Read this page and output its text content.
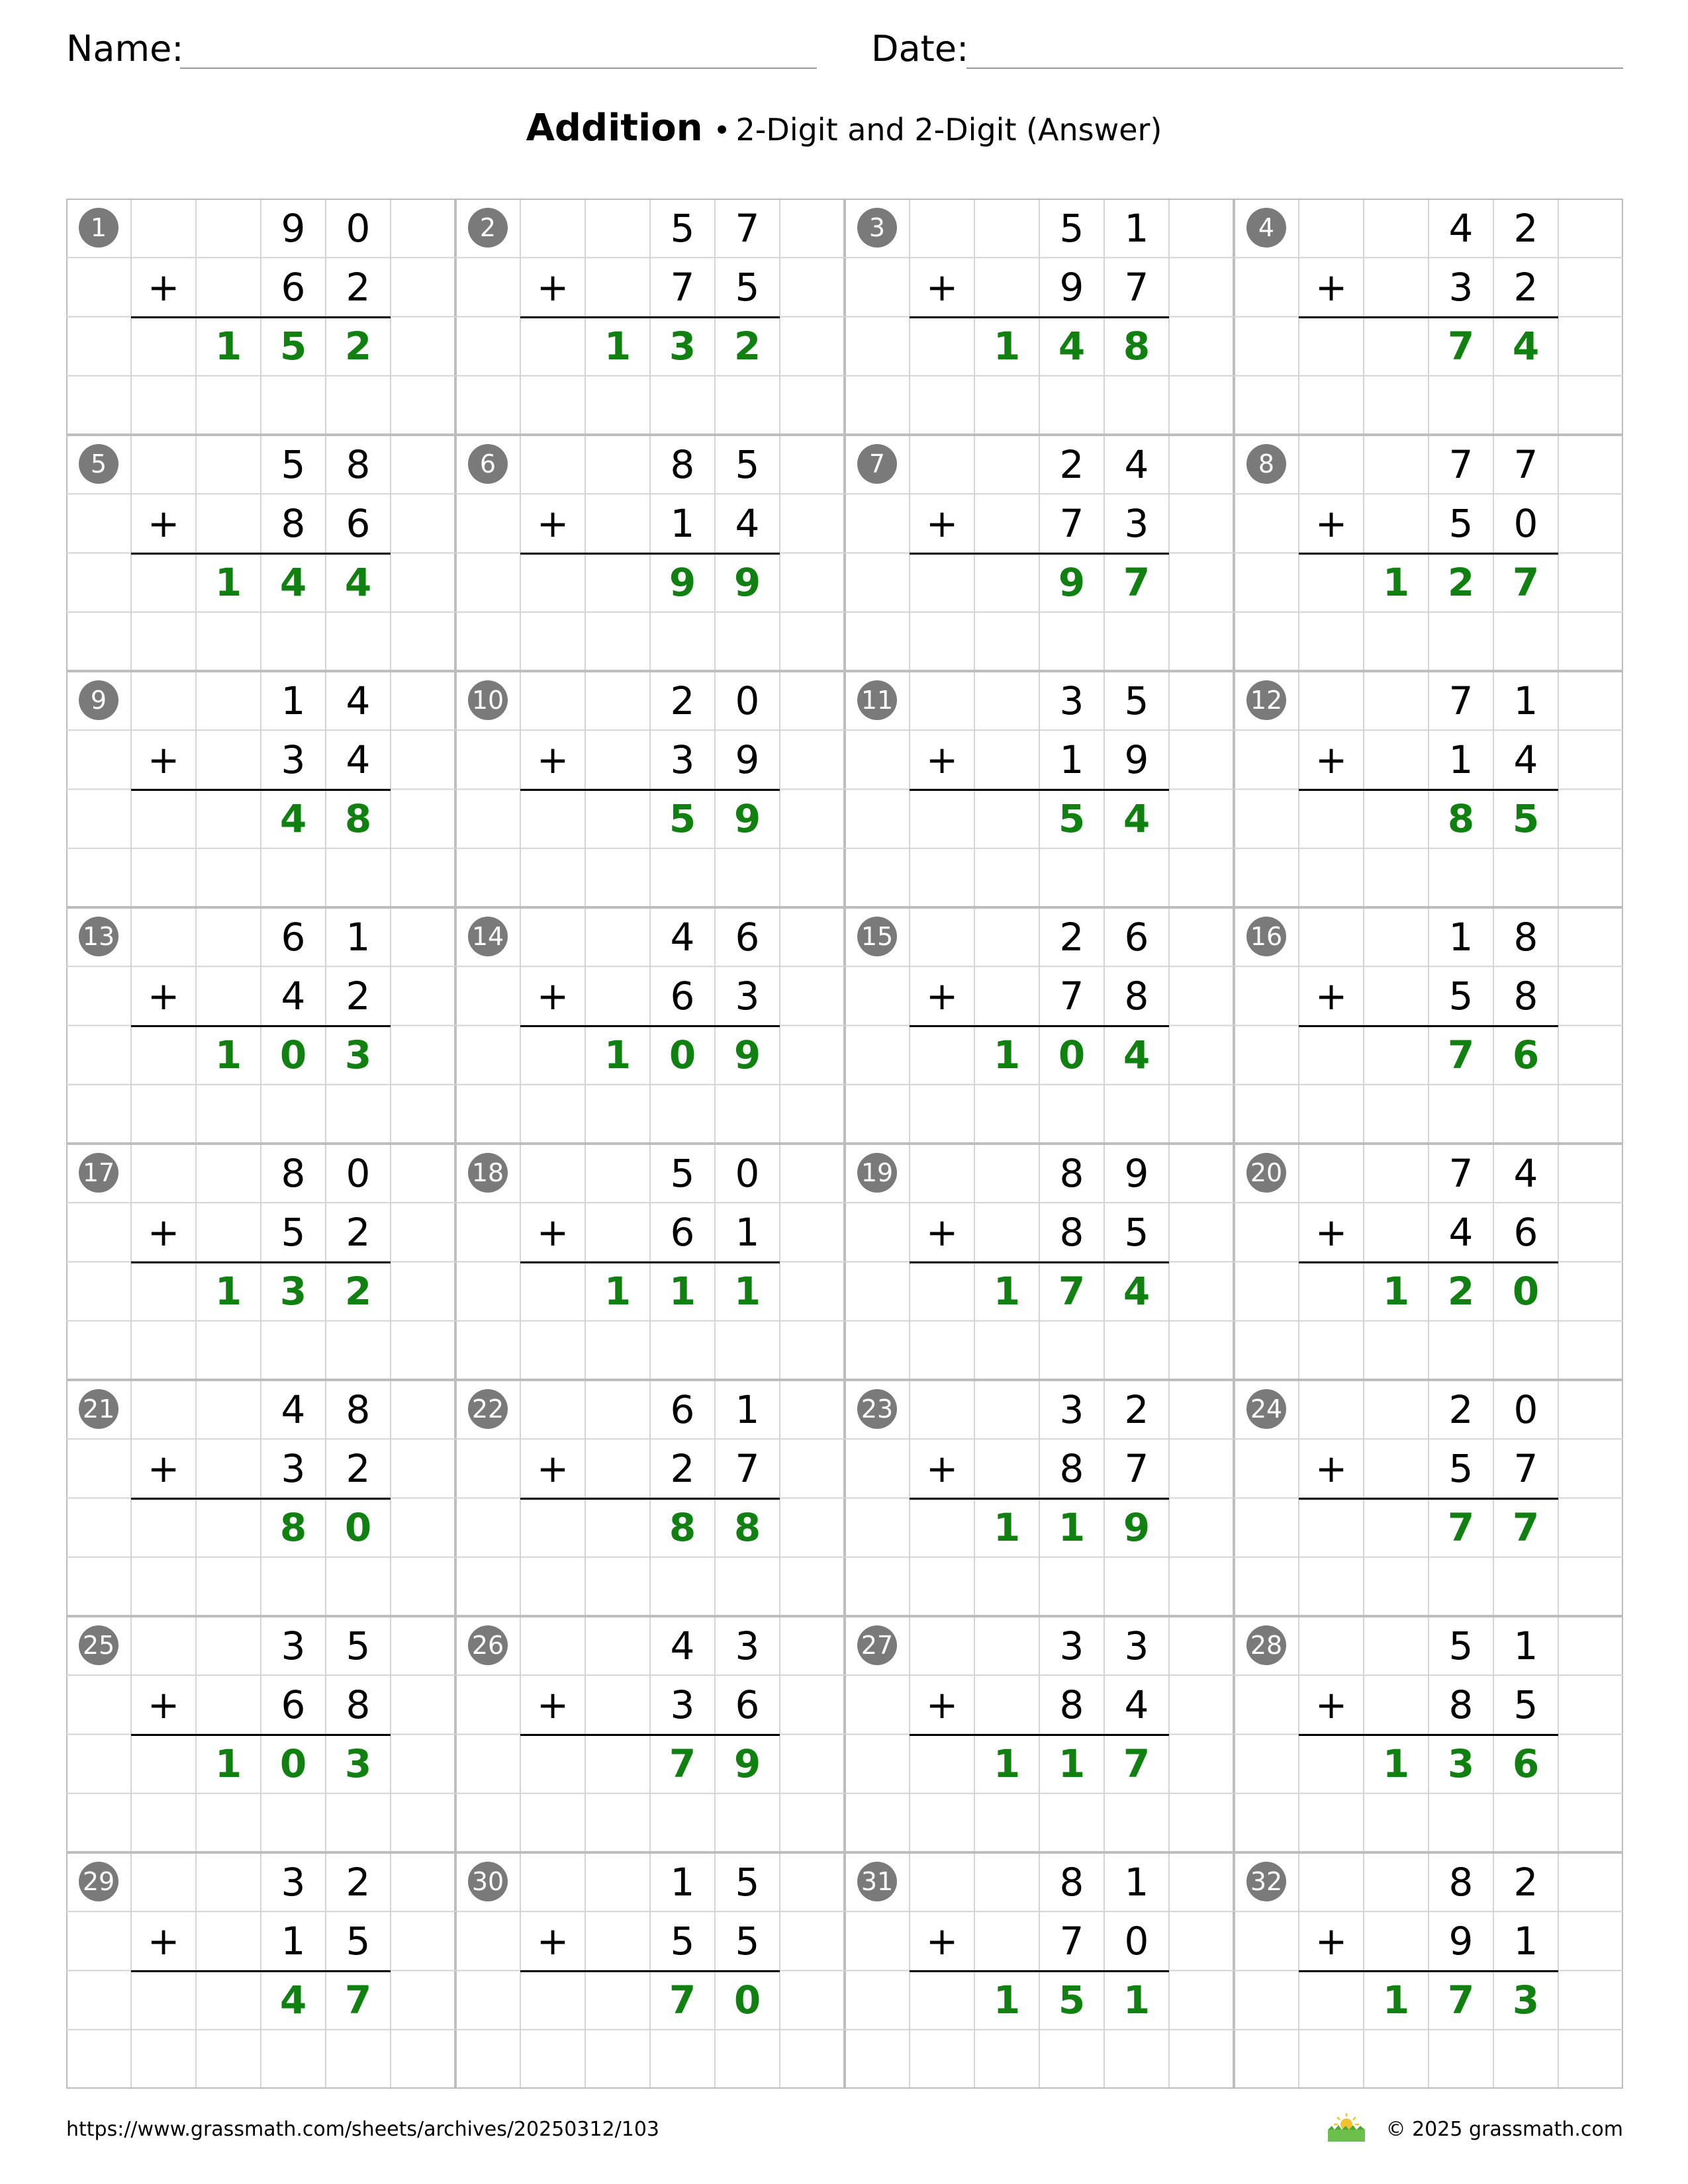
Name:	Date:
Addition • 2-Digit and 2-Digit (Answer)
1	9	0
+	6	2
1 5 2
2	5	7
+	7	5
1 3 2
3	5	1
+	9	7
1 4 8
4	4	2
+	3	2
7 4
5	5	8
+	8	6
1 4 4
6	8	5
+	1	4
9 9
7	2	4
+	7	3
9 7
8	7	7
+	5	0
1 2 7
9	1	4
+	3	4
4 8
10	2	0
+	3	9
5 9
11	3	5
+	1	9
5 4
12	7	1
+	1	4
8 5
13	6	1
+	4	2
1 0 3
14	4	6
+	6	3
1 0 9
15	2	6
+	7	8
1 0 4
16	1	8
+	5	8
7 6
17	8	0
+	5	2
1 3 2
18	5	0
+	6	1
1 1 1
19	8	9
+	8	5
1 7 4
20	7	4
+	4	6
1 2 0
21	4	8
+	3	2
8 0
22	6	1
+	2	7
8 8
23	3	2
+	8	7
1 1 9
24	2	0
+	5	7
7 7
25	3	5
+	6	8
1 0 3
26	4	3
+	3	6
7 9
27	3	3
+	8	4
1 1 7
28	5	1
+	8	5
1 3 6
29	3	2
+	1	5
4 7
30	1	5
+	5	5
7 0
31	8	1
+	7	0
1 5 1
32	8	2
+	9	1
1 7 3
https://www.grassmath.com/sheets/archives/20250312/103	© 2025 grassmath.com
